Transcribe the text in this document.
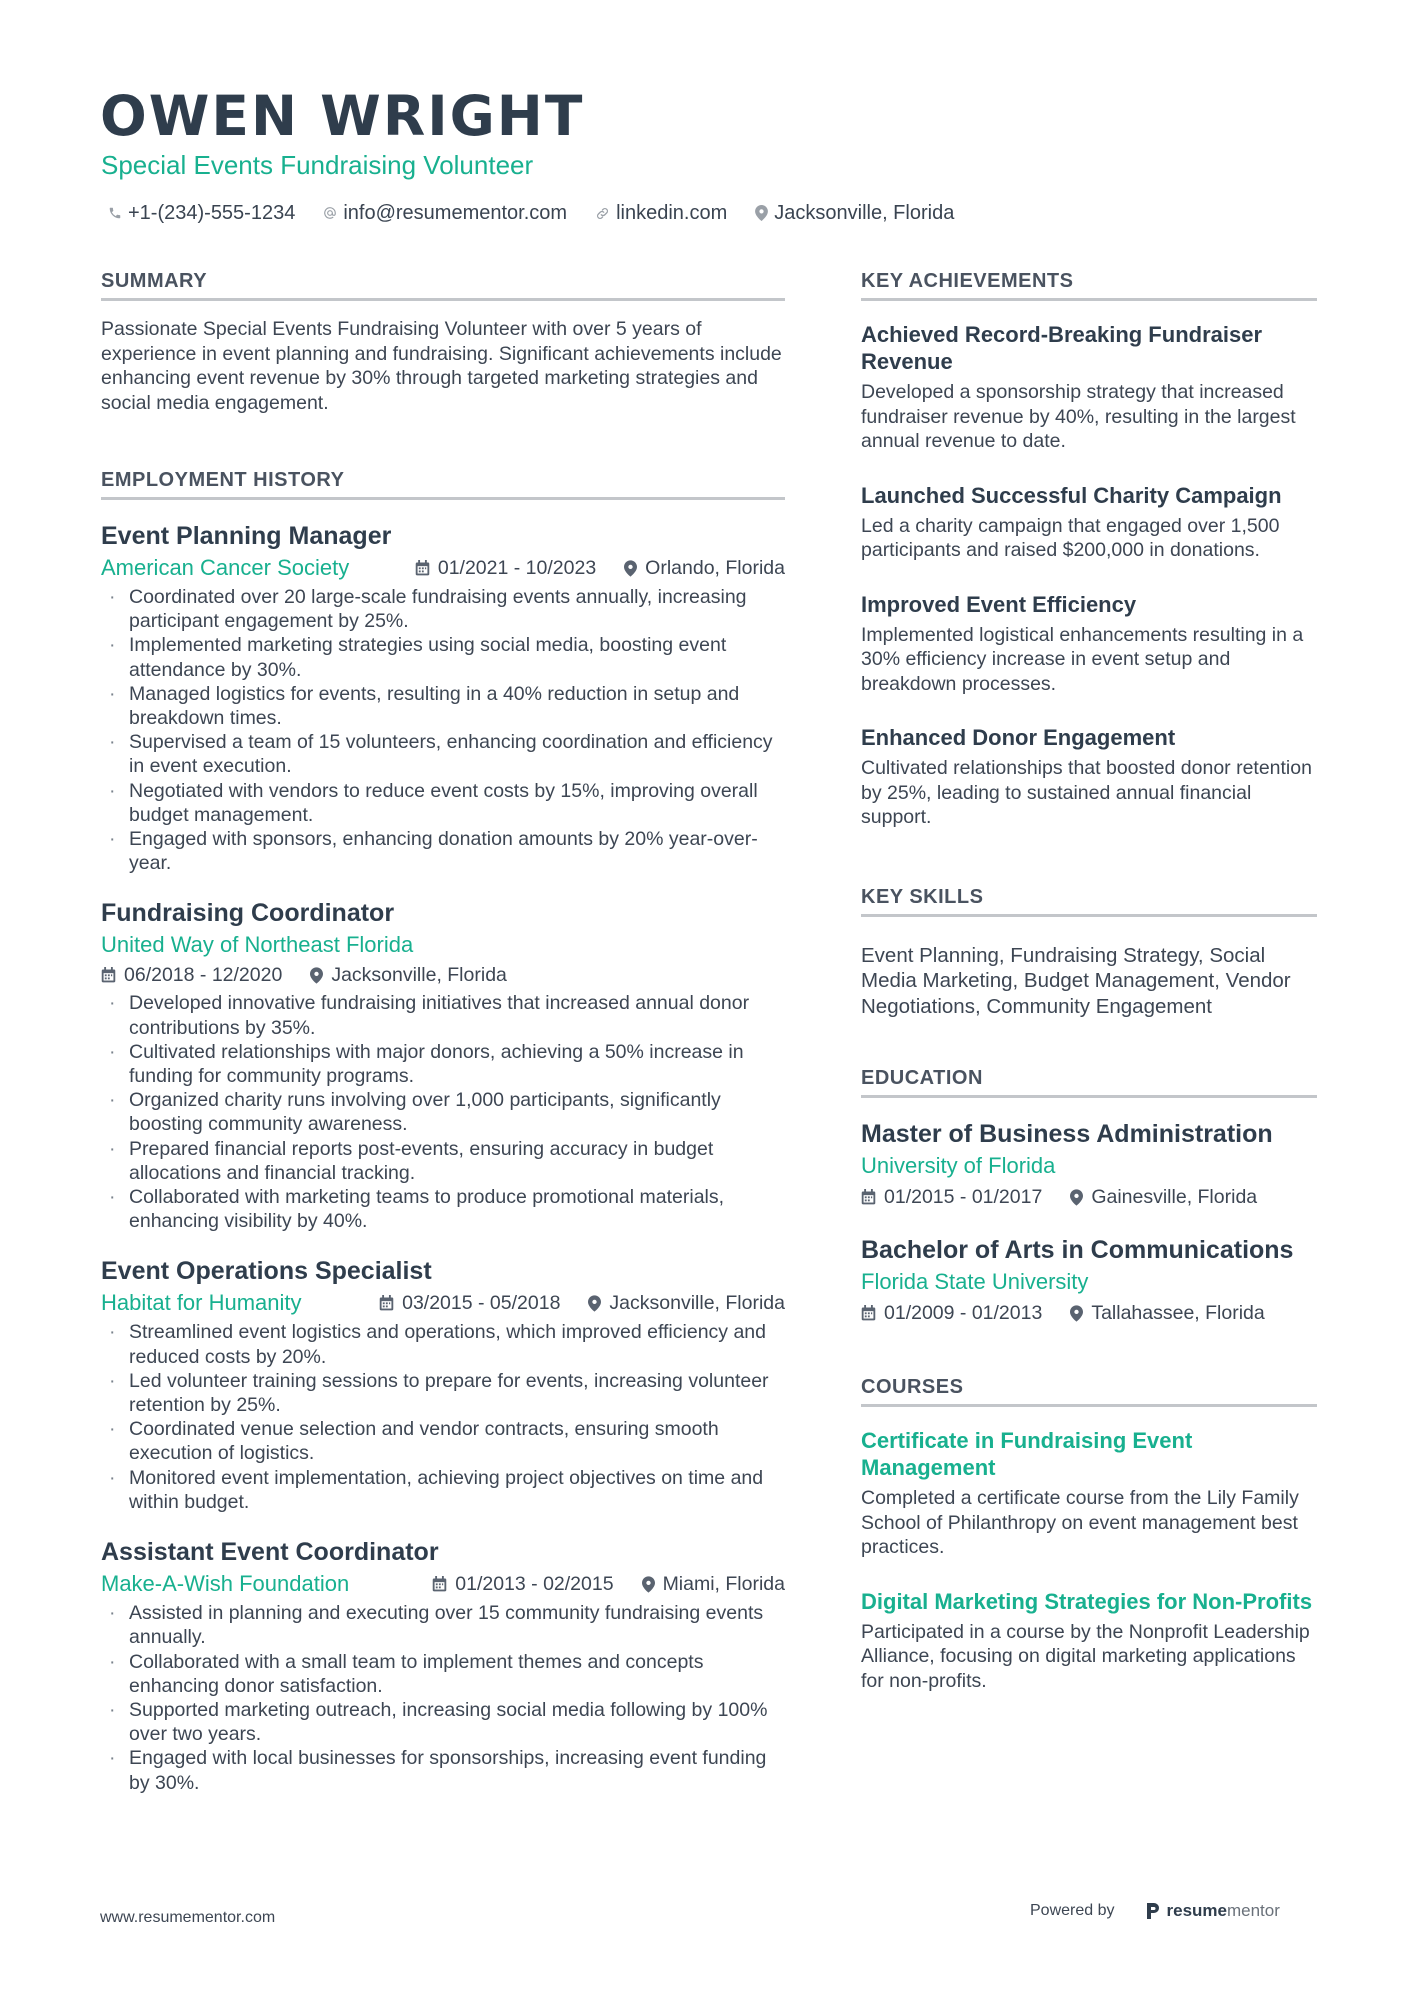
OWEN WRIGHT
Special Events Fundraising Volunteer
+1-(234)-555-1234 info@resumementor.com linkedin.com Jacksonville, Florida
SUMMARY

Passionate Special Events Fundraising Volunteer with over 5 years of experience in event planning and fundraising. Significant achievements include enhancing event revenue by 30% through targeted marketing strategies and social media engagement.

EMPLOYMENT HISTORY
Event Planning Manager
American Cancer Society	01/2021 - 10/2023	Orlando, Florida
· Coordinated over 20 large-scale fundraising events annually, increasing participant engagement by 25%.
· Implemented marketing strategies using social media, boosting event attendance by 30%.
· Managed logistics for events, resulting in a 40% reduction in setup and breakdown times.
· Supervised a team of 15 volunteers, enhancing coordination and efficiency in event execution.
· Negotiated with vendors to reduce event costs by 15%, improving overall budget management.
· Engaged with sponsors, enhancing donation amounts by 20% year-over-year.
Fundraising Coordinator
United Way of Northeast Florida
06/2018 - 12/2020	Jacksonville, Florida
· Developed innovative fundraising initiatives that increased annual donor contributions by 35%.
· Cultivated relationships with major donors, achieving a 50% increase in funding for community programs.
· Organized charity runs involving over 1,000 participants, significantly boosting community awareness.
· Prepared financial reports post-events, ensuring accuracy in budget allocations and financial tracking.
· Collaborated with marketing teams to produce promotional materials, enhancing visibility by 40%.
Event Operations Specialist
Habitat for Humanity	03/2015 - 05/2018	Jacksonville, Florida
· Streamlined event logistics and operations, which improved efficiency and reduced costs by 20%.
· Led volunteer training sessions to prepare for events, increasing volunteer retention by 25%.
· Coordinated venue selection and vendor contracts, ensuring smooth execution of logistics.
· Monitored event implementation, achieving project objectives on time and within budget.
Assistant Event Coordinator
Make-A-Wish Foundation	01/2013 - 02/2015	Miami, Florida
· Assisted in planning and executing over 15 community fundraising events annually.
· Collaborated with a small team to implement themes and concepts enhancing donor satisfaction.
· Supported marketing outreach, increasing social media following by 100% over two years.
· Engaged with local businesses for sponsorships, increasing event funding by 30%.
KEY ACHIEVEMENTS
Achieved Record-Breaking Fundraiser Revenue

Developed a sponsorship strategy that increased fundraiser revenue by 40%, resulting in the largest annual revenue to date.

Launched Successful Charity Campaign

Led a charity campaign that engaged over 1,500 participants and raised $200,000 in donations.

Improved Event Efficiency

Implemented logistical enhancements resulting in a 30% efficiency increase in event setup and breakdown processes.

Enhanced Donor Engagement

Cultivated relationships that boosted donor retention by 25%, leading to sustained annual financial support.

KEY SKILLS

Event Planning, Fundraising Strategy, Social Media Marketing, Budget Management, Vendor Negotiations, Community Engagement

EDUCATION
Master of Business Administration
University of Florida
01/2015 - 01/2017	Gainesville, Florida
Bachelor of Arts in Communications
Florida State University
01/2009 - 01/2013	Tallahassee, Florida
COURSES
Certificate in Fundraising Event Management

Completed a certificate course from the Lily Family School of Philanthropy on event management best practices.

Digital Marketing Strategies for Non-Profits

Participated in a course by the Nonprofit Leadership Alliance, focusing on digital marketing applications for non-profits.

www.resumementor.com	Powered by	resume mentor
